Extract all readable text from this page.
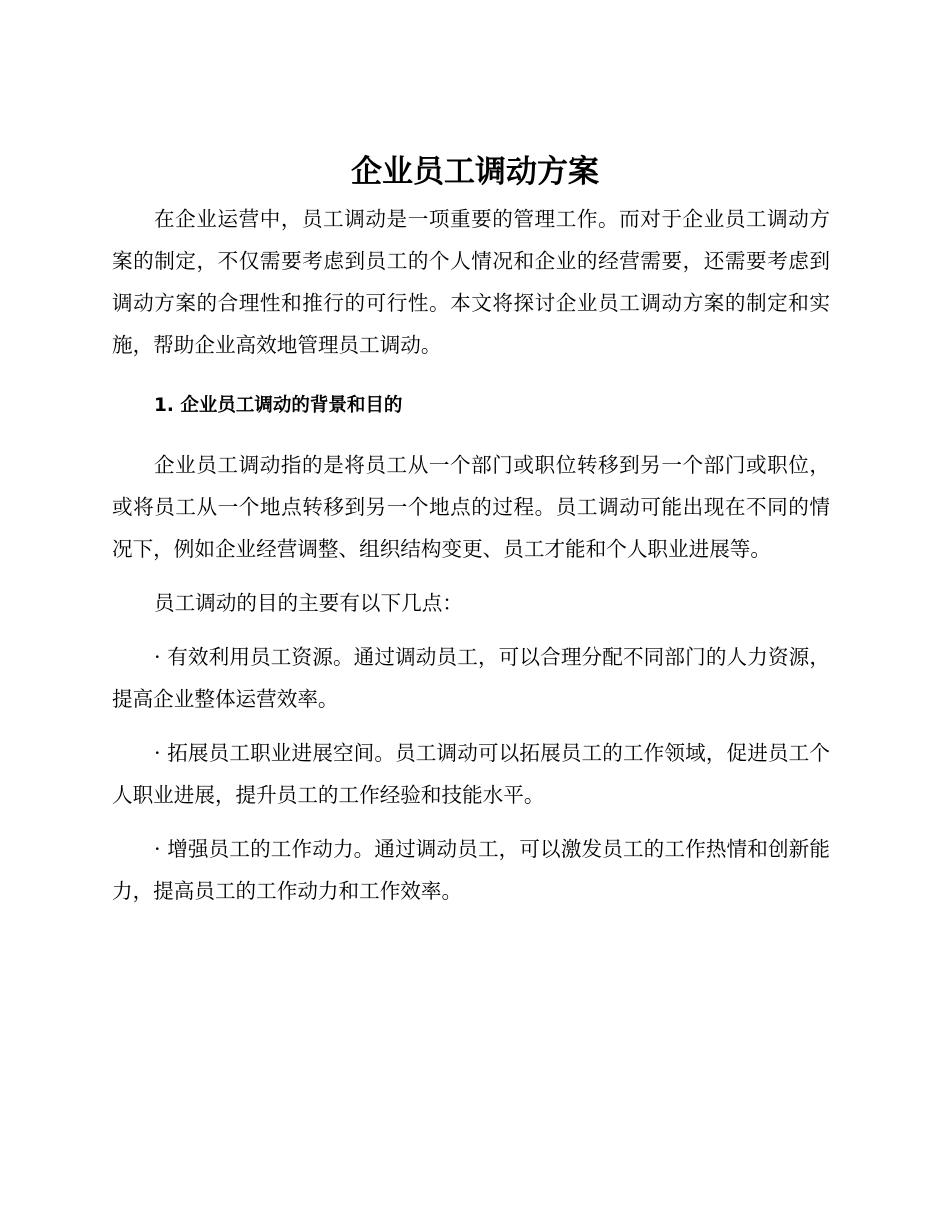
企业员工调动方案

在企业运营中，员工调动是一项重要的管理工作。而对于企业员工调动方案的制定，不仅需要考虑到员工的个人情况和企业的经营需要，还需要考虑到调动方案的合理性和推行的可行性。本文将探讨企业员工调动方案的制定和实施，帮助企业高效地管理员工调动。

1. 企业员工调动的背景和目的

企业员工调动指的是将员工从一个部门或职位转移到另一个部门或职位，或将员工从一个地点转移到另一个地点的过程。员工调动可能出现在不同的情况下，例如企业经营调整、组织结构变更、员工才能和个人职业进展等。

员工调动的目的主要有以下几点：

· 有效利用员工资源。通过调动员工，可以合理分配不同部门的人力资源，提高企业整体运营效率。

· 拓展员工职业进展空间。员工调动可以拓展员工的工作领域，促进员工个人职业进展，提升员工的工作经验和技能水平。

· 增强员工的工作动力。通过调动员工，可以激发员工的工作热情和创新能力，提高员工的工作动力和工作效率。
